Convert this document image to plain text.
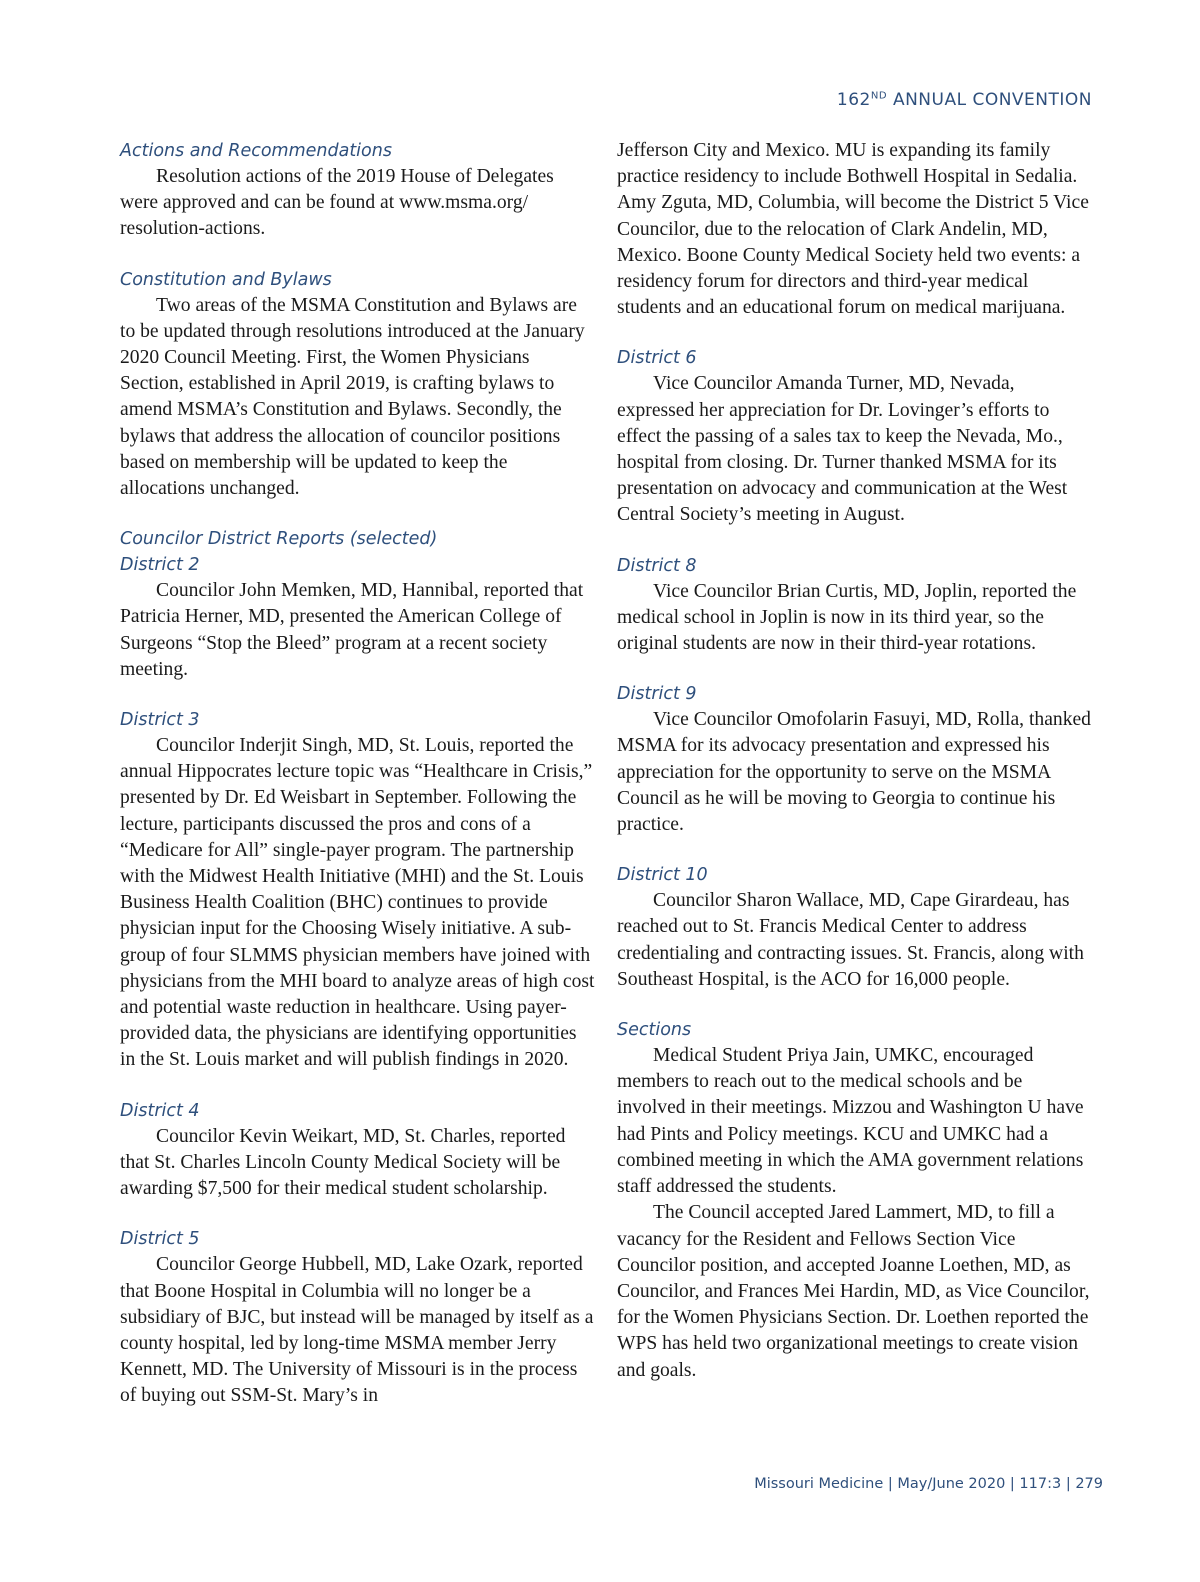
162ND ANNUAL CONVENTION
Actions and Recommendations

Resolution actions of the 2019 House of Delegates were approved and can be found at www.msma.org/ resolution-actions.

Constitution and Bylaws

Two areas of the MSMA Constitution and Bylaws are to be updated through resolutions introduced at the January 2020 Council Meeting. First, the Women Physicians Section, established in April 2019, is crafting bylaws to amend MSMA’s Constitution and Bylaws. Secondly, the bylaws that address the allocation of councilor positions based on membership will be updated to keep the allocations unchanged.

Councilor District Reports (selected)
District 2

Councilor John Memken, MD, Hannibal, reported that Patricia Herner, MD, presented the American College of Surgeons “Stop the Bleed” program at a recent society meeting.

District 3

Councilor Inderjit Singh, MD, St. Louis, reported the annual Hippocrates lecture topic was “Healthcare in Crisis,” presented by Dr. Ed Weisbart in September. Following the lecture, participants discussed the pros and cons of a “Medicare for All” single-payer program. The partnership with the Midwest Health Initiative (MHI) and the St. Louis Business Health Coalition (BHC) continues to provide physician input for the Choosing Wisely initiative. A sub-group of four SLMMS physician members have joined with physicians from the MHI board to analyze areas of high cost and potential waste reduction in healthcare. Using payer-provided data, the physicians are identifying opportunities in the St. Louis market and will publish findings in 2020.

District 4

Councilor Kevin Weikart, MD, St. Charles, reported that St. Charles Lincoln County Medical Society will be awarding $7,500 for their medical student scholarship.

District 5

Councilor George Hubbell, MD, Lake Ozark, reported that Boone Hospital in Columbia will no longer be a subsidiary of BJC, but instead will be managed by itself as a county hospital, led by long-time MSMA member Jerry Kennett, MD. The University of Missouri is in the process of buying out SSM-St. Mary’s in

Jefferson City and Mexico. MU is expanding its family practice residency to include Bothwell Hospital in Sedalia. Amy Zguta, MD, Columbia, will become the District 5 Vice Councilor, due to the relocation of Clark Andelin, MD, Mexico. Boone County Medical Society held two events: a residency forum for directors and third-year medical students and an educational forum on medical marijuana.

District 6

Vice Councilor Amanda Turner, MD, Nevada, expressed her appreciation for Dr. Lovinger’s efforts to effect the passing of a sales tax to keep the Nevada, Mo., hospital from closing. Dr. Turner thanked MSMA for its presentation on advocacy and communication at the West Central Society’s meeting in August.

District 8

Vice Councilor Brian Curtis, MD, Joplin, reported the medical school in Joplin is now in its third year, so the original students are now in their third-year rotations.

District 9

Vice Councilor Omofolarin Fasuyi, MD, Rolla, thanked MSMA for its advocacy presentation and expressed his appreciation for the opportunity to serve on the MSMA Council as he will be moving to Georgia to continue his practice.

District 10

Councilor Sharon Wallace, MD, Cape Girardeau, has reached out to St. Francis Medical Center to address credentialing and contracting issues. St. Francis, along with Southeast Hospital, is the ACO for 16,000 people.

Sections

Medical Student Priya Jain, UMKC, encouraged members to reach out to the medical schools and be involved in their meetings. Mizzou and Washington U have had Pints and Policy meetings. KCU and UMKC had a combined meeting in which the AMA government relations staff addressed the students.

The Council accepted Jared Lammert, MD, to fill a vacancy for the Resident and Fellows Section Vice Councilor position, and accepted Joanne Loethen, MD, as Councilor, and Frances Mei Hardin, MD, as Vice Councilor, for the Women Physicians Section. Dr. Loethen reported the WPS has held two organizational meetings to create vision and goals.

Missouri Medicine | May/June 2020 | 117:3 | 279
